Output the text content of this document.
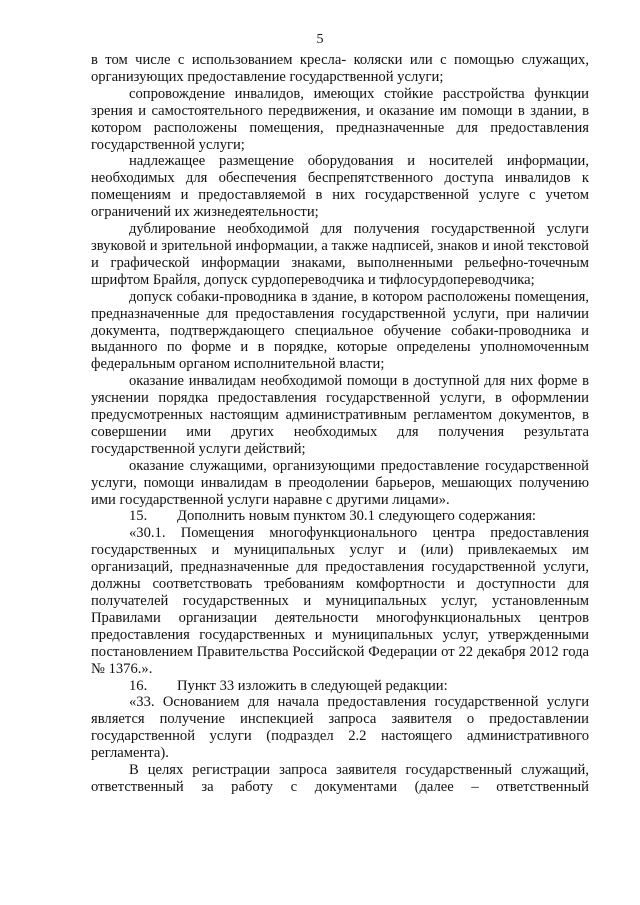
5

в том числе с использованием кресла- коляски или с помощью служащих, организующих предоставление государственной услуги;

сопровождение инвалидов, имеющих стойкие расстройства функции зрения и самостоятельного передвижения, и оказание им помощи в здании, в котором расположены помещения, предназначенные для предоставления государственной услуги;

надлежащее размещение оборудования и носителей информации, необходимых для обеспечения беспрепятственного доступа инвалидов к помещениям и предоставляемой в них государственной услуге с учетом ограничений их жизнедеятельности;

дублирование необходимой для получения государственной услуги звуковой и зрительной информации, а также надписей, знаков и иной текстовой и графической информации знаками, выполненными рельефно-точечным шрифтом Брайля, допуск сурдопереводчика и тифлосурдопереводчика;

допуск собаки-проводника в здание, в котором расположены помещения, предназначенные для предоставления государственной услуги, при наличии документа, подтверждающего специальное обучение собаки-проводника и выданного по форме и в порядке, которые определены уполномоченным федеральным органом исполнительной власти;

оказание инвалидам необходимой помощи в доступной для них форме в уяснении порядка предоставления государственной услуги, в оформлении предусмотренных настоящим административным регламентом документов, в совершении ими других необходимых для получения результата государственной услуги действий;

оказание служащими, организующими предоставление государственной услуги, помощи инвалидам в преодолении барьеров, мешающих получению ими государственной услуги наравне с другими лицами».

15. Дополнить новым пунктом 30.1 следующего содержания:

«30.1. Помещения многофункционального центра предоставления государственных и муниципальных услуг и (или) привлекаемых им организаций, предназначенные для предоставления государственной услуги, должны соответствовать требованиям комфортности и доступности для получателей государственных и муниципальных услуг, установленным Правилами организации деятельности многофункциональных центров предоставления государственных и муниципальных услуг, утвержденными постановлением Правительства Российской Федерации от 22 декабря 2012 года № 1376.».

16. Пункт 33 изложить в следующей редакции:

«33. Основанием для начала предоставления государственной услуги является получение инспекцией запроса заявителя о предоставлении государственной услуги (подраздел 2.2 настоящего административного регламента).

В целях регистрации запроса заявителя государственный служащий, ответственный за работу с документами (далее – ответственный
